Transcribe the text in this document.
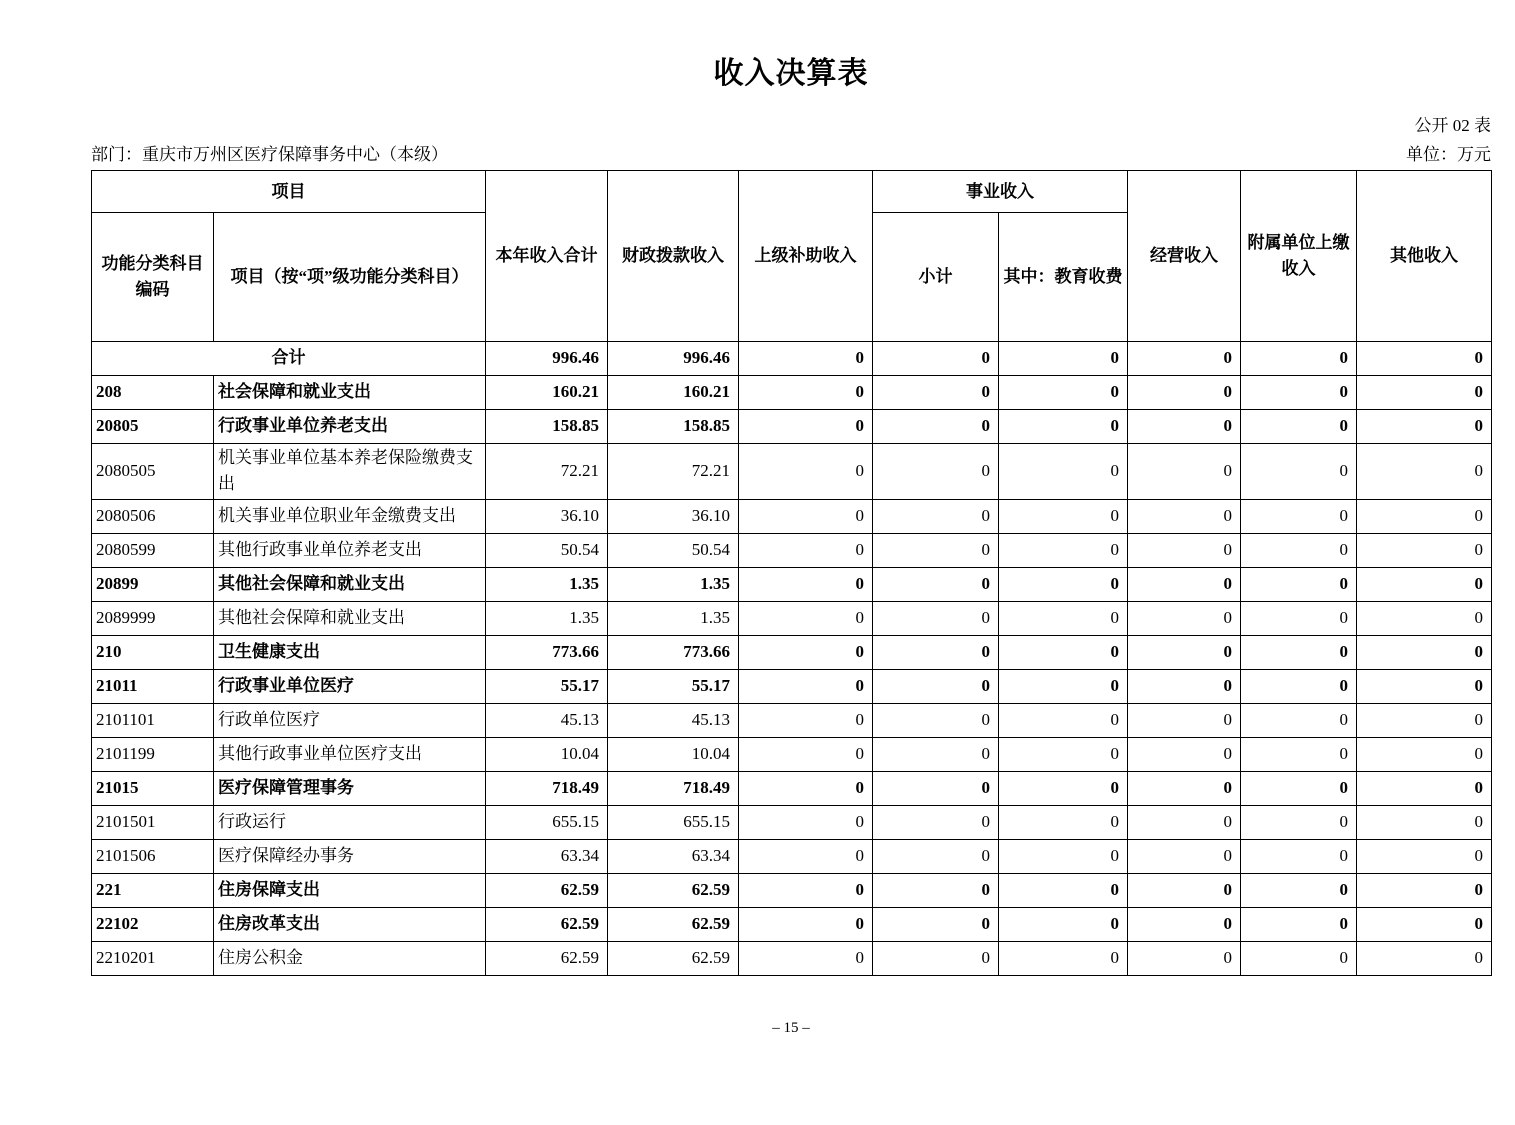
收入决算表
公开 02 表
部门：重庆市万州区医疗保障事务中心（本级）	单位：万元
项目		本年收入合计	财政拨款收入	上级补助收入	事业收入		经营收入	附属单位上缴收入	其他收入
功能分类科目编码	项目（按“项”级功能分类科目）				小计	其中：教育收费			
合计		996.46	996.46	0	0	0	0	0	0
208	社会保障和就业支出	160.21	160.21	0	0	0	0	0	0
20805	行政事业单位养老支出	158.85	158.85	0	0	0	0	0	0
2080505	机关事业单位基本养老保险缴费支出	72.21	72.21	0	0	0	0	0	0
2080506	机关事业单位职业年金缴费支出	36.10	36.10	0	0	0	0	0	0
2080599	其他行政事业单位养老支出	50.54	50.54	0	0	0	0	0	0
20899	其他社会保障和就业支出	1.35	1.35	0	0	0	0	0	0
2089999	其他社会保障和就业支出	1.35	1.35	0	0	0	0	0	0
210	卫生健康支出	773.66	773.66	0	0	0	0	0	0
21011	行政事业单位医疗	55.17	55.17	0	0	0	0	0	0
2101101	行政单位医疗	45.13	45.13	0	0	0	0	0	0
2101199	其他行政事业单位医疗支出	10.04	10.04	0	0	0	0	0	0
21015	医疗保障管理事务	718.49	718.49	0	0	0	0	0	0
2101501	行政运行	655.15	655.15	0	0	0	0	0	0
2101506	医疗保障经办事务	63.34	63.34	0	0	0	0	0	0
221	住房保障支出	62.59	62.59	0	0	0	0	0	0
22102	住房改革支出	62.59	62.59	0	0	0	0	0	0
2210201	住房公积金	62.59	62.59	0	0	0	0	0	0
– 15 –
